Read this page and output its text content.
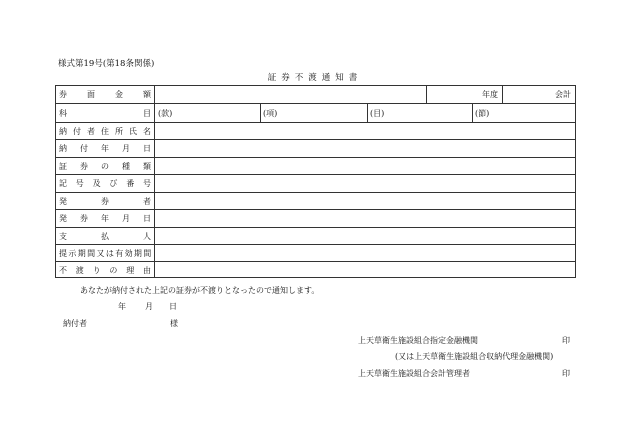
様式第19号(第18条関係)
証券不渡通知書
券面金額	年度	会計
科目 (款)	(項)	(目)	(節)
納付者住所氏名
納付年月日
証券の種類
記号及び番号
発券者
発券年月日
支払人
提示期間又は有効期間
不渡りの理由
あなたが納付された上記の証券が不渡りとなったので通知します。
年 月 日
納付者	様
上天草衛生施設組合指定金融機関	印
(又は上天草衛生施設組合収納代理金融機関)
上天草衛生施設組合会計管理者	印
